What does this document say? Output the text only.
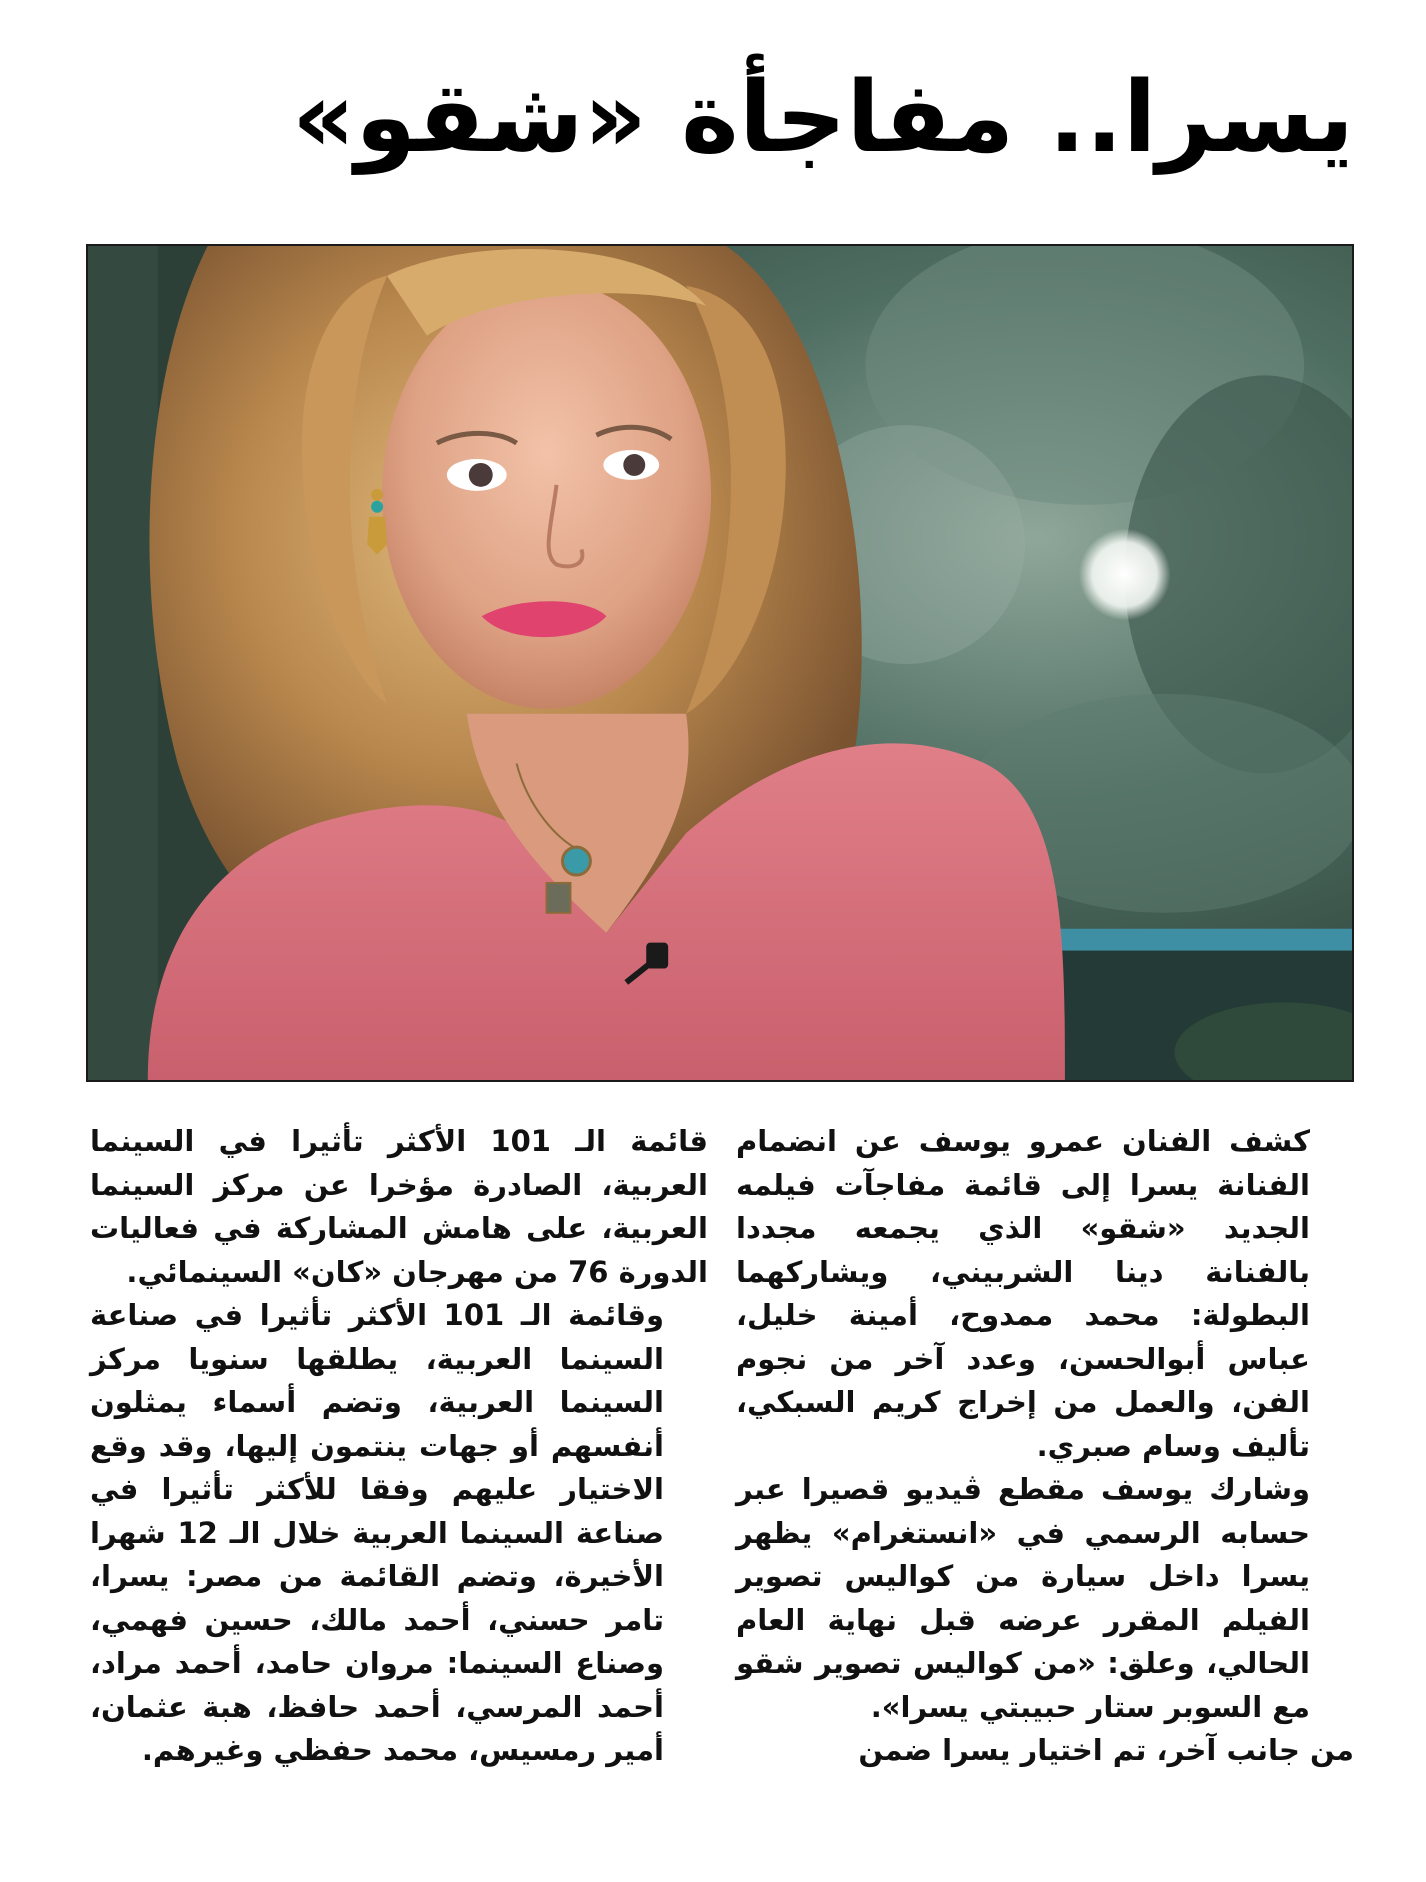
يسرا.. مفاجأة «شقو»

كشف الفنان عمرو يوسف عن انضمام الفنانة يسرا إلى قائمة مفاجآت فيلمه الجديد «شقو» الذي يجمعه مجددا بالفنانة دينا الشربيني، ويشاركهما البطولة: محمد ممدوح، أمينة خليل، عباس أبوالحسن، وعدد آخر من نجوم الفن، والعمل من إخراج كريم السبكي، تأليف وسام صبري.

وشارك يوسف مقطع ڤيديو قصيرا عبر حسابه الرسمي في «انستغرام» يظهر يسرا داخل سيارة من كواليس تصوير الفيلم المقرر عرضه قبل نهاية العام الحالي، وعلق: «من كواليس تصوير شقو مع السوبر ستار حبيبتي يسرا».

من جانب آخر، تم اختيار يسرا ضمن

قائمة الـ 101 الأكثر تأثيرا في السينما العربية، الصادرة مؤخرا عن مركز السينما العربية، على هامش المشاركة في فعاليات الدورة 76 من مهرجان «كان» السينمائي.

وقائمة الـ 101 الأكثر تأثيرا في صناعة السينما العربية، يطلقها سنويا مركز السينما العربية، وتضم أسماء يمثلون أنفسهم أو جهات ينتمون إليها، وقد وقع الاختيار عليهم وفقا للأكثر تأثيرا في صناعة السينما العربية خلال الـ 12 شهرا الأخيرة، وتضم القائمة من مصر: يسرا، تامر حسني، أحمد مالك، حسين فهمي، وصناع السينما: مروان حامد، أحمد مراد، أحمد المرسي، أحمد حافظ، هبة عثمان، أمير رمسيس، محمد حفظي وغيرهم.
